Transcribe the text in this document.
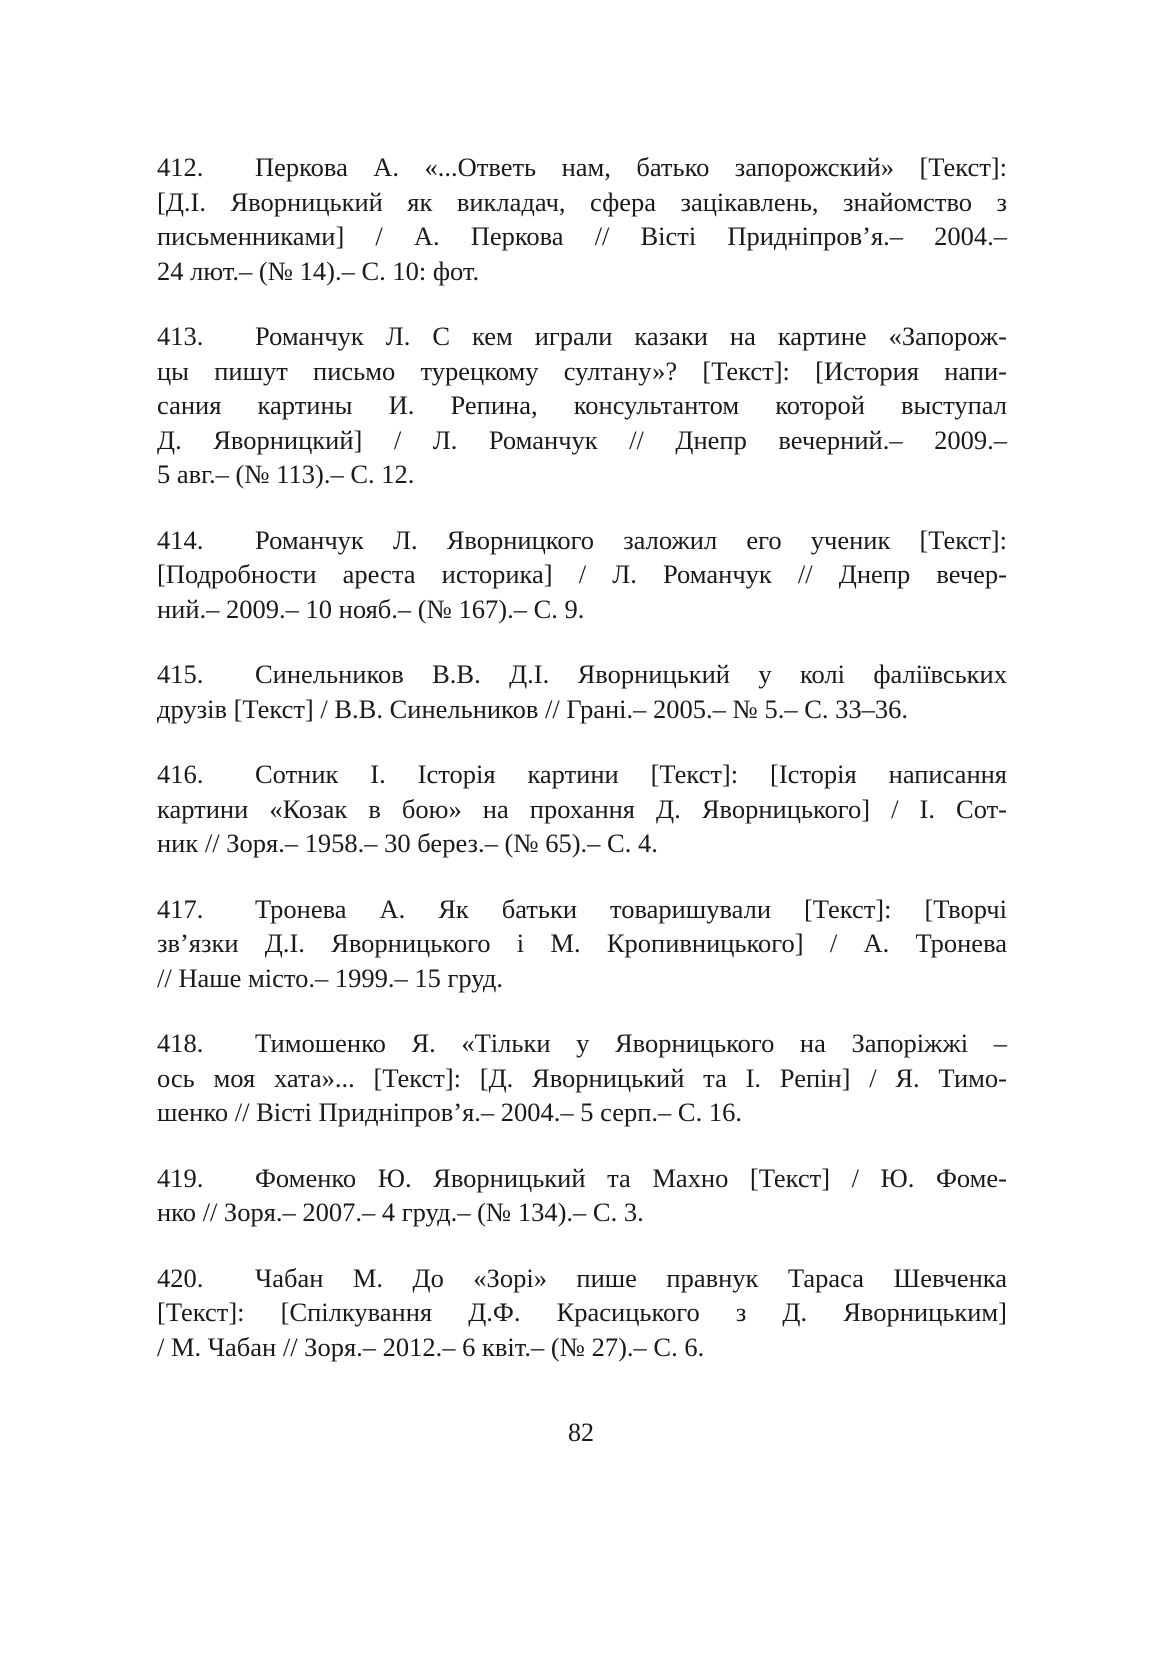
412. Перкова А. «...Ответь нам, батько запорожский» [Текст]:
[Д.І. Яворницький як викладач, сфера зацікавлень, знайомство з
письменниками] / А. Перкова // Вісті Придніпров’я.– 2004.–
24 лют.– (№ 14).– С. 10: фот.
413. Романчук Л. С кем играли казаки на картине «Запорож-
цы пишут письмо турецкому султану»? [Текст]: [История напи-
сания картины И. Репина, консультантом которой выступал
Д. Яворницкий] / Л. Романчук // Днепр вечерний.– 2009.–
5 авг.– (№ 113).– С. 12.
414. Романчук Л. Яворницкого заложил его ученик [Текст]:
[Подробности ареста историка] / Л. Романчук // Днепр вечер-
ний.– 2009.– 10 нояб.– (№ 167).– С. 9.
415. Синельников В.В. Д.І. Яворницький у колі фаліївських
друзів [Текст] / В.В. Синельников // Грані.– 2005.– № 5.– С. 33–36.
416. Сотник І. Історія картини [Текст]: [Історія написання
картини «Козак в бою» на прохання Д. Яворницького] / І. Сот-
ник // Зоря.– 1958.– 30 берез.– (№ 65).– С. 4.
417. Тронева А. Як батьки товаришували [Текст]: [Творчі
зв’язки Д.І. Яворницького і М. Кропивницького] / А. Тронева
// Наше місто.– 1999.– 15 груд.
418. Тимошенко Я. «Тільки у Яворницького на Запоріжжі –
ось моя хата»... [Текст]: [Д. Яворницький та І. Репін] / Я. Тимо-
шенко // Вісті Придніпров’я.– 2004.– 5 серп.– С. 16.
419. Фоменко Ю. Яворницький та Махно [Текст] / Ю. Фоме-
нко // Зоря.– 2007.– 4 груд.– (№ 134).– С. 3.
420. Чабан М. До «Зорі» пише правнук Тараса Шевченка
[Текст]: [Спілкування Д.Ф. Красицького з Д. Яворницьким]
/ М. Чабан // Зоря.– 2012.– 6 квіт.– (№ 27).– С. 6.
82
